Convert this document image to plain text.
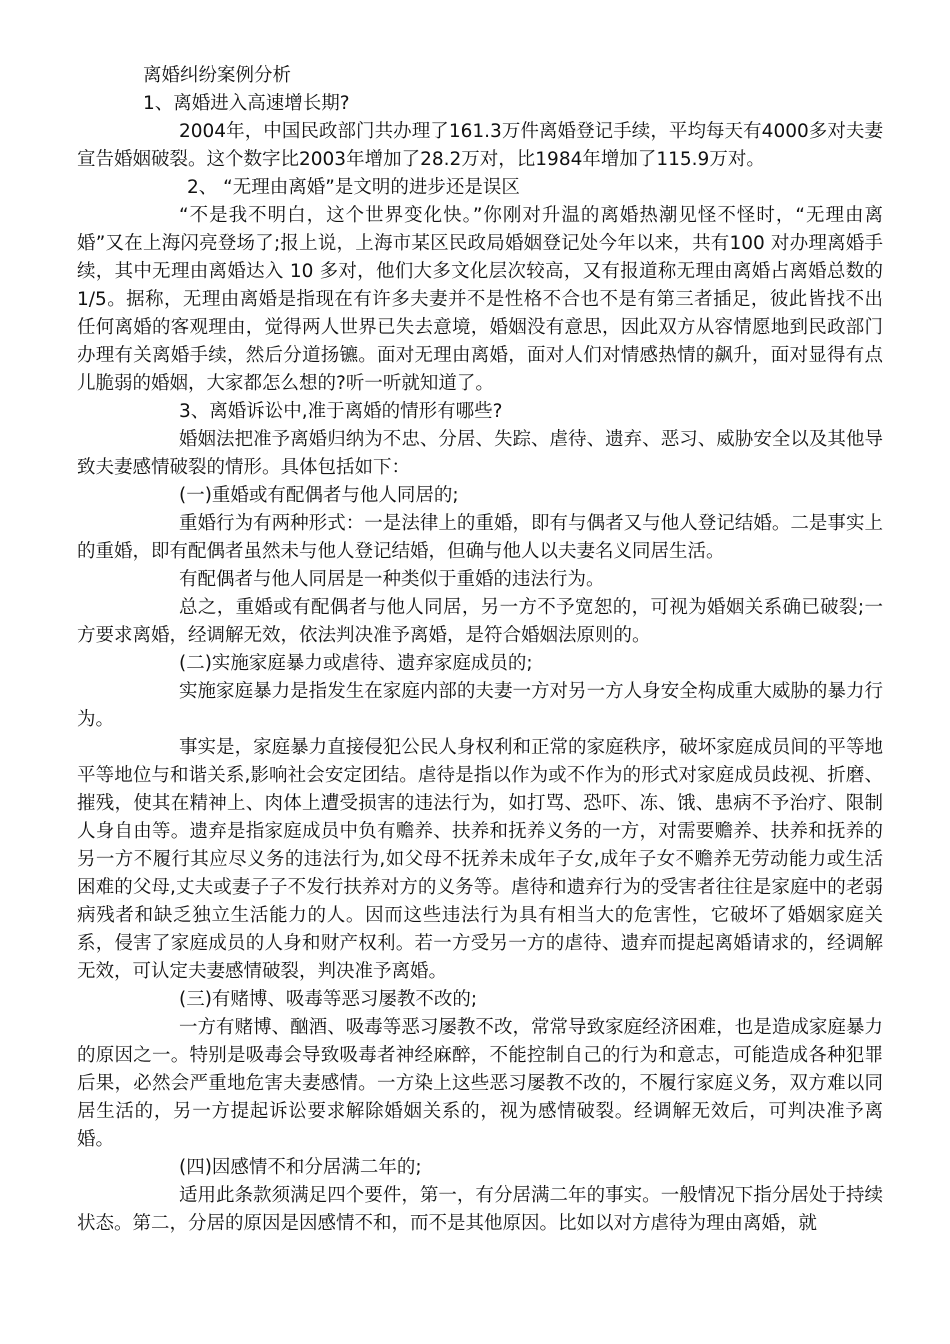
离婚纠纷案例分析

1、离婚进入高速增长期?

2004年，中国民政部门共办理了161.3万件离婚登记手续，平均每天有4000多对夫妻宣告婚姻破裂。这个数字比2003年增加了28.2万对，比1984年增加了115.9万对。

2、 “无理由离婚”是文明的进步还是误区

“不是我不明白，这个世界变化快。”你刚对升温的离婚热潮见怪不怪时，“无理由离婚”又在上海闪亮登场了;报上说，上海市某区民政局婚姻登记处今年以来，共有100 对办理离婚手续，其中无理由离婚达入 10 多对，他们大多文化层次较高，又有报道称无理由离婚占离婚总数的 1/5。据称，无理由离婚是指现在有许多夫妻并不是性格不合也不是有第三者插足，彼此皆找不出任何离婚的客观理由，觉得两人世界已失去意境，婚姻没有意思，因此双方从容情愿地到民政部门办理有关离婚手续，然后分道扬镳。面对无理由离婚，面对人们对情感热情的飙升，面对显得有点儿脆弱的婚姻，大家都怎么想的?听一听就知道了。

3、离婚诉讼中,准于离婚的情形有哪些?

婚姻法把准予离婚归纳为不忠、分居、失踪、虐待、遗弃、恶习、威胁安全以及其他导致夫妻感情破裂的情形。具体包括如下：

(一)重婚或有配偶者与他人同居的;

重婚行为有两种形式：一是法律上的重婚，即有与偶者又与他人登记结婚。二是事实上的重婚，即有配偶者虽然未与他人登记结婚，但确与他人以夫妻名义同居生活。

有配偶者与他人同居是一种类似于重婚的违法行为。

总之，重婚或有配偶者与他人同居，另一方不予宽恕的，可视为婚姻关系确已破裂;一方要求离婚，经调解无效，依法判决准予离婚，是符合婚姻法原则的。

(二)实施家庭暴力或虐待、遗弃家庭成员的;

实施家庭暴力是指发生在家庭内部的夫妻一方对另一方人身安全构成重大威胁的暴力行为。

事实是，家庭暴力直接侵犯公民人身权利和正常的家庭秩序，破坏家庭成员间的平等地平等地位与和谐关系,影响社会安定团结。虐待是指以作为或不作为的形式对家庭成员歧视、折磨、摧残，使其在精神上、肉体上遭受损害的违法行为，如打骂、恐吓、冻、饿、患病不予治疗、限制人身自由等。遗弃是指家庭成员中负有赡养、扶养和抚养义务的一方，对需要赡养、扶养和抚养的另一方不履行其应尽义务的违法行为,如父母不抚养未成年子女,成年子女不赡养无劳动能力或生活困难的父母,丈夫或妻子子不发行扶养对方的义务等。虐待和遗弃行为的受害者往往是家庭中的老弱病残者和缺乏独立生活能力的人。因而这些违法行为具有相当大的危害性，它破坏了婚姻家庭关系，侵害了家庭成员的人身和财产权利。若一方受另一方的虐待、遗弃而提起离婚请求的，经调解无效，可认定夫妻感情破裂，判决准予离婚。

(三)有赌博、吸毒等恶习屡教不改的;

一方有赌博、酗酒、吸毒等恶习屡教不改，常常导致家庭经济困难，也是造成家庭暴力的原因之一。特别是吸毒会导致吸毒者神经麻醉，不能控制自己的行为和意志，可能造成各种犯罪后果，必然会严重地危害夫妻感情。一方染上这些恶习屡教不改的，不履行家庭义务，双方难以同居生活的，另一方提起诉讼要求解除婚姻关系的，视为感情破裂。经调解无效后，可判决准予离婚。

(四)因感情不和分居满二年的;

适用此条款须满足四个要件，第一，有分居满二年的事实。一般情况下指分居处于持续状态。第二，分居的原因是因感情不和，而不是其他原因。比如以对方虐待为理由离婚，就
